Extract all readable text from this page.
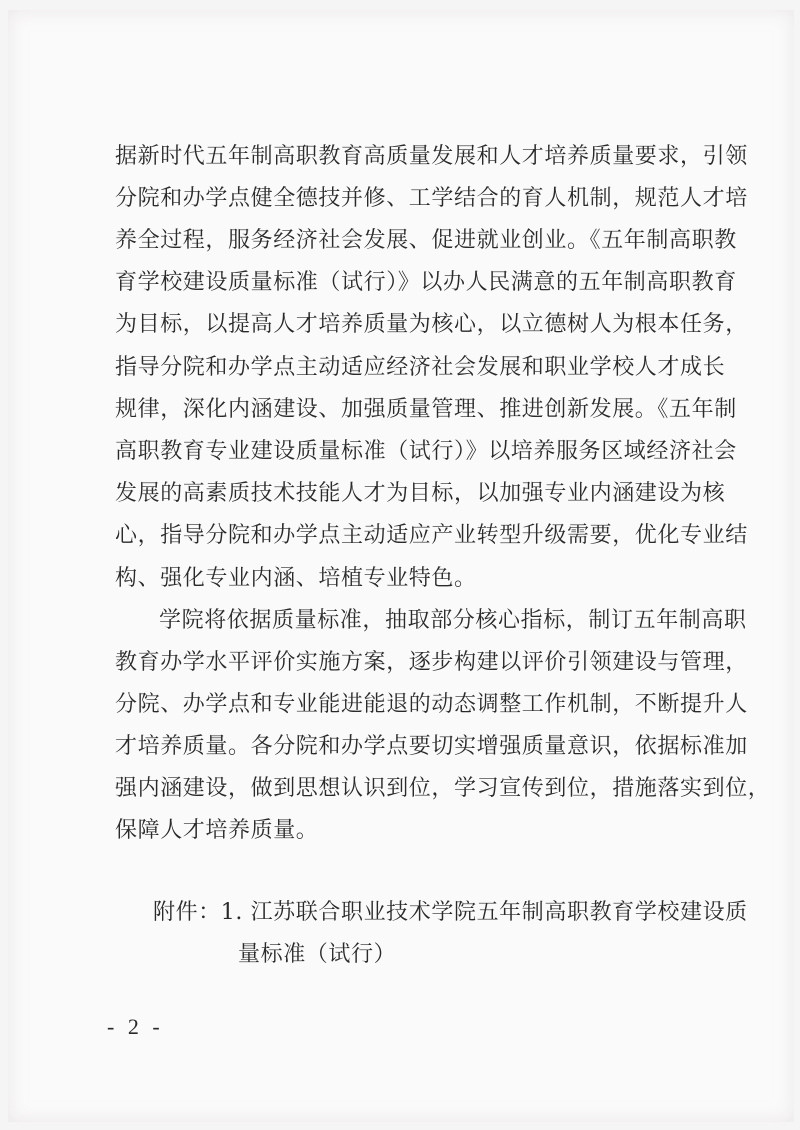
据新时代五年制高职教育高质量发展和人才培养质量要求，引领
分院和办学点健全德技并修、工学结合的育人机制，规范人才培
养全过程，服务经济社会发展、促进就业创业。《五年制高职教
育学校建设质量标准（试行）》以办人民满意的五年制高职教育
为目标，以提高人才培养质量为核心，以立德树人为根本任务，
指导分院和办学点主动适应经济社会发展和职业学校人才成长
规律，深化内涵建设、加强质量管理、推进创新发展。《五年制
高职教育专业建设质量标准（试行）》以培养服务区域经济社会
发展的高素质技术技能人才为目标，以加强专业内涵建设为核
心，指导分院和办学点主动适应产业转型升级需要，优化专业结
构、强化专业内涵、培植专业特色。
学院将依据质量标准，抽取部分核心指标，制订五年制高职
教育办学水平评价实施方案，逐步构建以评价引领建设与管理，
分院、办学点和专业能进能退的动态调整工作机制，不断提升人
才培养质量。各分院和办学点要切实增强质量意识，依据标准加
强内涵建设，做到思想认识到位，学习宣传到位，措施落实到位，
保障人才培养质量。
附件：1. 江苏联合职业技术学院五年制高职教育学校建设质
量标准（试行）
- 2 -
